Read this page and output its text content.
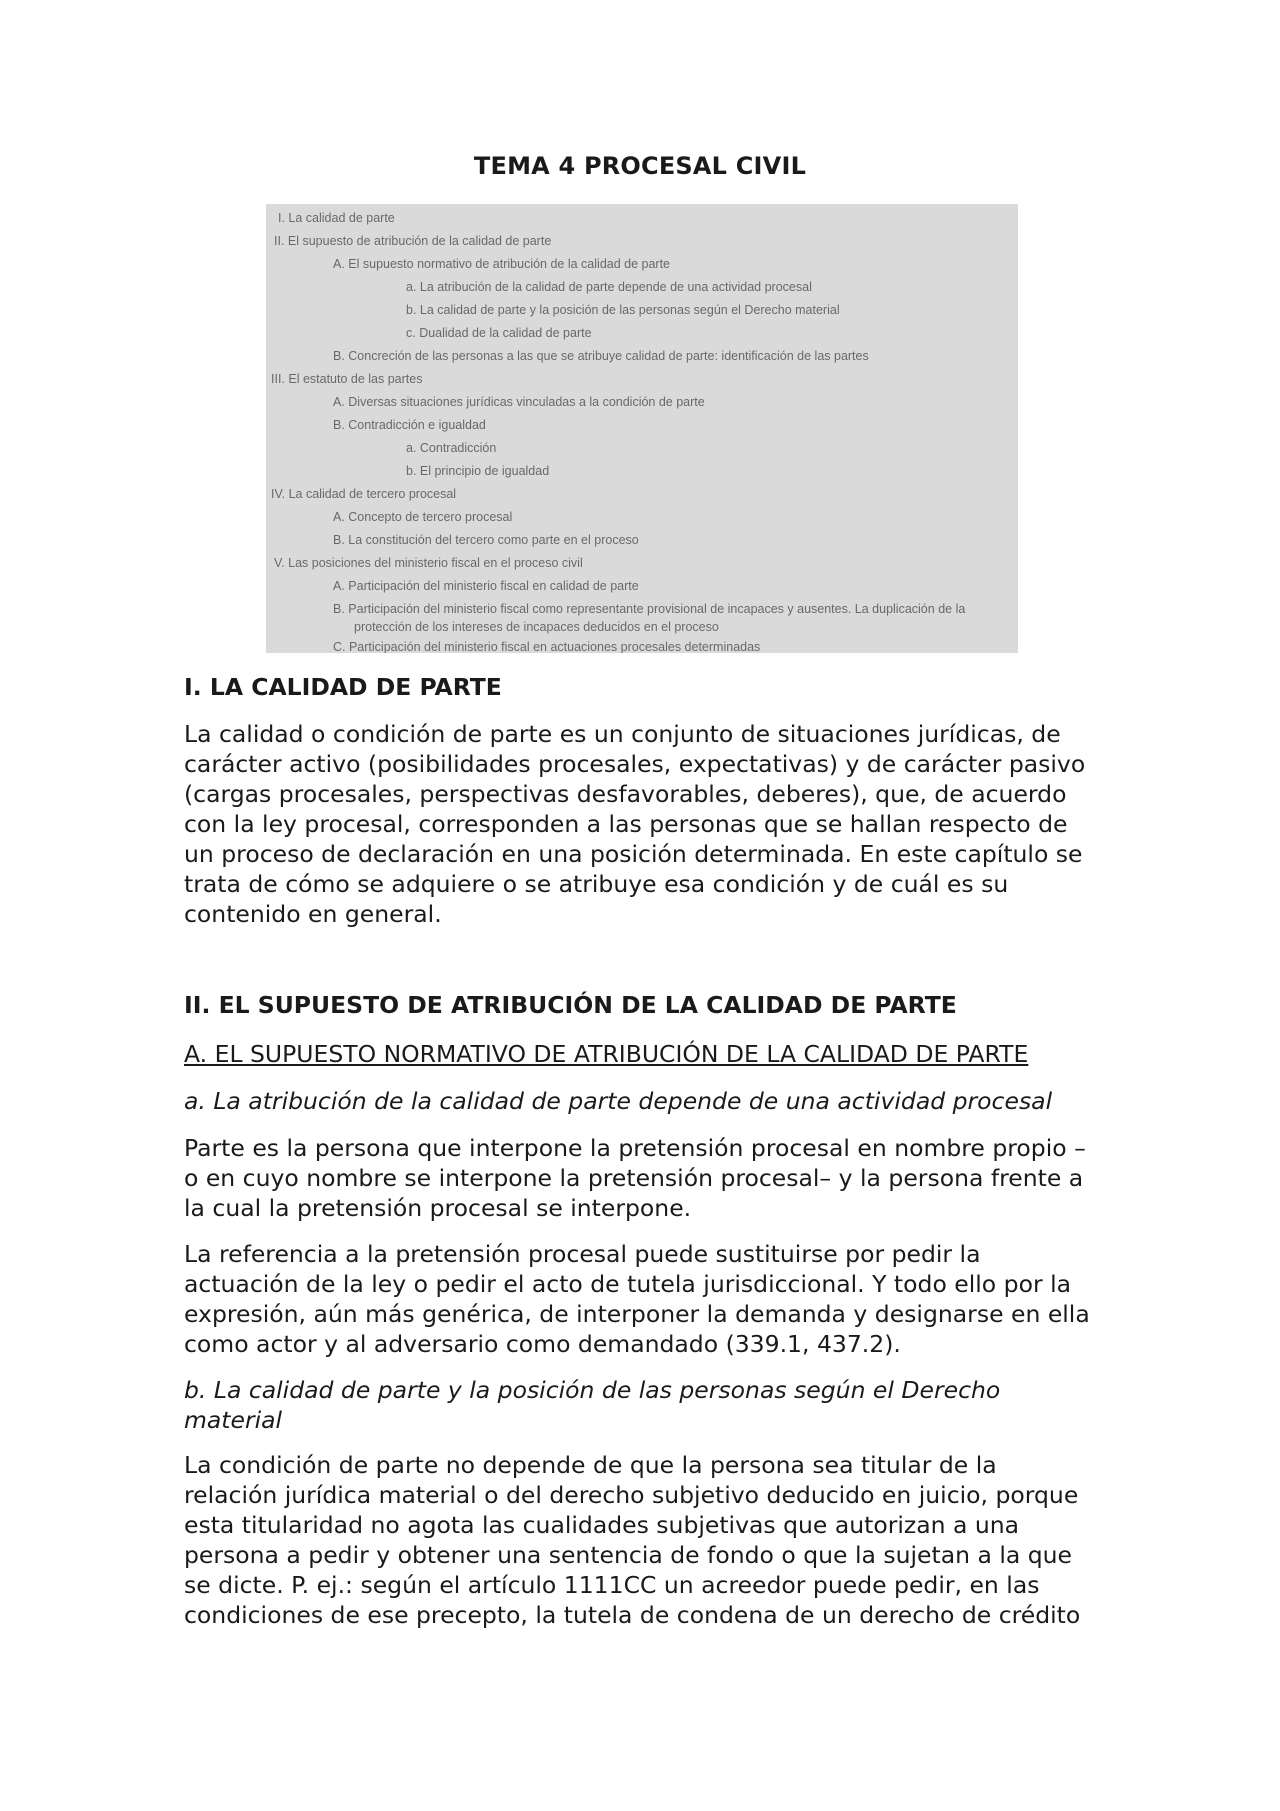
TEMA 4 PROCESAL CIVIL
I. La calidad de parte
II. El supuesto de atribución de la calidad de parte
A. El supuesto normativo de atribución de la calidad de parte
a. La atribución de la calidad de parte depende de una actividad procesal
b. La calidad de parte y la posición de las personas según el Derecho material
c. Dualidad de la calidad de parte
B. Concreción de las personas a las que se atribuye calidad de parte: identificación de las partes
III. El estatuto de las partes
A. Diversas situaciones jurídicas vinculadas a la condición de parte
B. Contradicción e igualdad
a. Contradicción
b. El principio de igualdad
IV. La calidad de tercero procesal
A. Concepto de tercero procesal
B. La constitución del tercero como parte en el proceso
V. Las posiciones del ministerio fiscal en el proceso civil
A. Participación del ministerio fiscal en calidad de parte
B. Participación del ministerio fiscal como representante provisional de incapaces y ausentes. La duplicación de la
protección de los intereses de incapaces deducidos en el proceso
C. Participación del ministerio fiscal en actuaciones procesales determinadas
I. LA CALIDAD DE PARTE
La calidad o condición de parte es un conjunto de situaciones jurídicas, de
carácter activo (posibilidades procesales, expectativas) y de carácter pasivo
(cargas procesales, perspectivas desfavorables, deberes), que, de acuerdo
con la ley procesal, corresponden a las personas que se hallan respecto de
un proceso de declaración en una posición determinada. En este capítulo se
trata de cómo se adquiere o se atribuye esa condición y de cuál es su
contenido en general.
II. EL SUPUESTO DE ATRIBUCIÓN DE LA CALIDAD DE PARTE
A. EL SUPUESTO NORMATIVO DE ATRIBUCIÓN DE LA CALIDAD DE PARTE
a. La atribución de la calidad de parte depende de una actividad procesal
Parte es la persona que interpone la pretensión procesal en nombre propio –
o en cuyo nombre se interpone la pretensión procesal– y la persona frente a
la cual la pretensión procesal se interpone.
La referencia a la pretensión procesal puede sustituirse por pedir la
actuación de la ley o pedir el acto de tutela jurisdiccional. Y todo ello por la
expresión, aún más genérica, de interponer la demanda y designarse en ella
como actor y al adversario como demandado (339.1, 437.2).
b. La calidad de parte y la posición de las personas según el Derecho
material
La condición de parte no depende de que la persona sea titular de la
relación jurídica material o del derecho subjetivo deducido en juicio, porque
esta titularidad no agota las cualidades subjetivas que autorizan a una
persona a pedir y obtener una sentencia de fondo o que la sujetan a la que
se dicte. P. ej.: según el artículo 1111CC un acreedor puede pedir, en las
condiciones de ese precepto, la tutela de condena de un derecho de crédito
